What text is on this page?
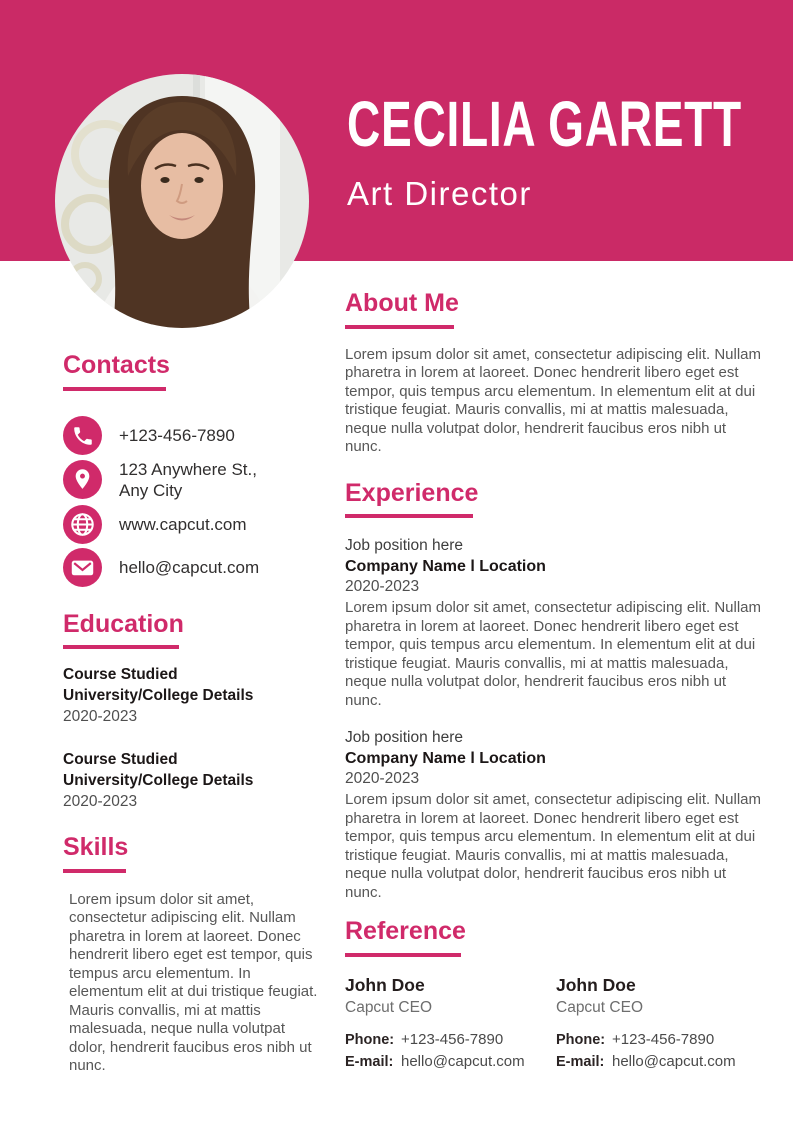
CECILIA GARETT
Art Director
Contacts
+123-456-7890
123 Anywhere St.,
Any City
www.capcut.com
hello@capcut.com
Education
Course Studied
University/College Details
2020-2023
Course Studied
University/College Details
2020-2023
Skills
Lorem ipsum dolor sit amet, consectetur adipiscing elit. Nullam pharetra in lorem at laoreet. Donec hendrerit libero eget est tempor, quis tempus arcu elementum. In elementum elit at dui tristique feugiat. Mauris convallis, mi at mattis malesuada, neque nulla volutpat dolor, hendrerit faucibus eros nibh ut nunc.
About Me
Lorem ipsum dolor sit amet, consectetur adipiscing elit. Nullam pharetra in lorem at laoreet. Donec hendrerit libero eget est tempor, quis tempus arcu elementum. In elementum elit at dui tristique feugiat. Mauris convallis, mi at mattis malesuada, neque nulla volutpat dolor, hendrerit faucibus eros nibh ut nunc.
Experience
Job position here
Company Name l Location
2020-2023
Lorem ipsum dolor sit amet, consectetur adipiscing elit. Nullam pharetra in lorem at laoreet. Donec hendrerit libero eget est tempor, quis tempus arcu elementum. In elementum elit at dui tristique feugiat. Mauris convallis, mi at mattis malesuada, neque nulla volutpat dolor, hendrerit faucibus eros nibh ut nunc.
Job position here
Company Name l Location
2020-2023
Lorem ipsum dolor sit amet, consectetur adipiscing elit. Nullam pharetra in lorem at laoreet. Donec hendrerit libero eget est tempor, quis tempus arcu elementum. In elementum elit at dui tristique feugiat. Mauris convallis, mi at mattis malesuada, neque nulla volutpat dolor, hendrerit faucibus eros nibh ut nunc.
Reference
John Doe
Capcut CEO
Phone: +123-456-7890
E-mail: hello@capcut.com
John Doe
Capcut CEO
Phone: +123-456-7890
E-mail: hello@capcut.com
